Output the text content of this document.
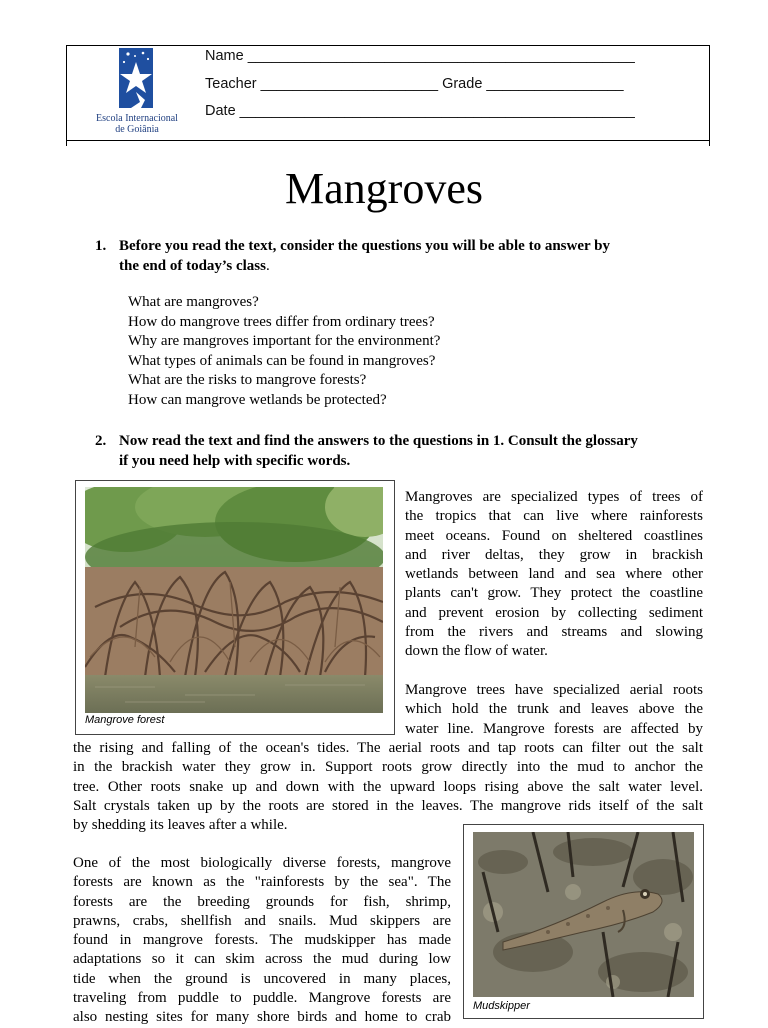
Escola Internacional
de Goiânia
Name ________________________________________________
Teacher ______________________ Grade _________________
Date _________________________________________________
Mangroves
1. Before you read the text, consider the questions you will be able to answer by
the end of today’s class.
What are mangroves?
How do mangrove trees differ from ordinary trees?
Why are mangroves important for the environment?
What types of animals can be found in mangroves?
What are the risks to mangrove forests?
How can mangrove wetlands be protected?
2. Now read the text and find the answers to the questions in 1. Consult the glossary
if you need help with specific words.
Mangrove forest
Mangroves are specialized types of trees of
the tropics that can live where rainforests
meet oceans. Found on sheltered coastlines
and river deltas, they grow in brackish
wetlands between land and sea where other
plants can't grow. They protect the coastline
and prevent erosion by collecting sediment
from the rivers and streams and slowing
down the flow of water.
Mangrove trees have specialized aerial roots
which hold the trunk and leaves above the
water line. Mangrove forests are affected by
the rising and falling of the ocean's tides. The aerial roots and tap roots can filter out the salt
in the brackish water they grow in. Support roots grow directly into the mud to anchor the
tree. Other roots snake up and down with the upward loops rising above the salt water level.
Salt crystals taken up by the roots are stored in the leaves. The mangrove rids itself of the salt
by shedding its leaves after a while.
Mudskipper
One of the most biologically diverse forests, mangrove
forests are known as the "rainforests by the sea". The
forests are the breeding grounds for fish, shrimp,
prawns, crabs, shellfish and snails. Mud skippers are
found in mangrove forests. The mudskipper has made
adaptations so it can skim across the mud during low
tide when the ground is uncovered in many places,
traveling from puddle to puddle. Mangrove forests are
also nesting sites for many shore birds and home to crab
